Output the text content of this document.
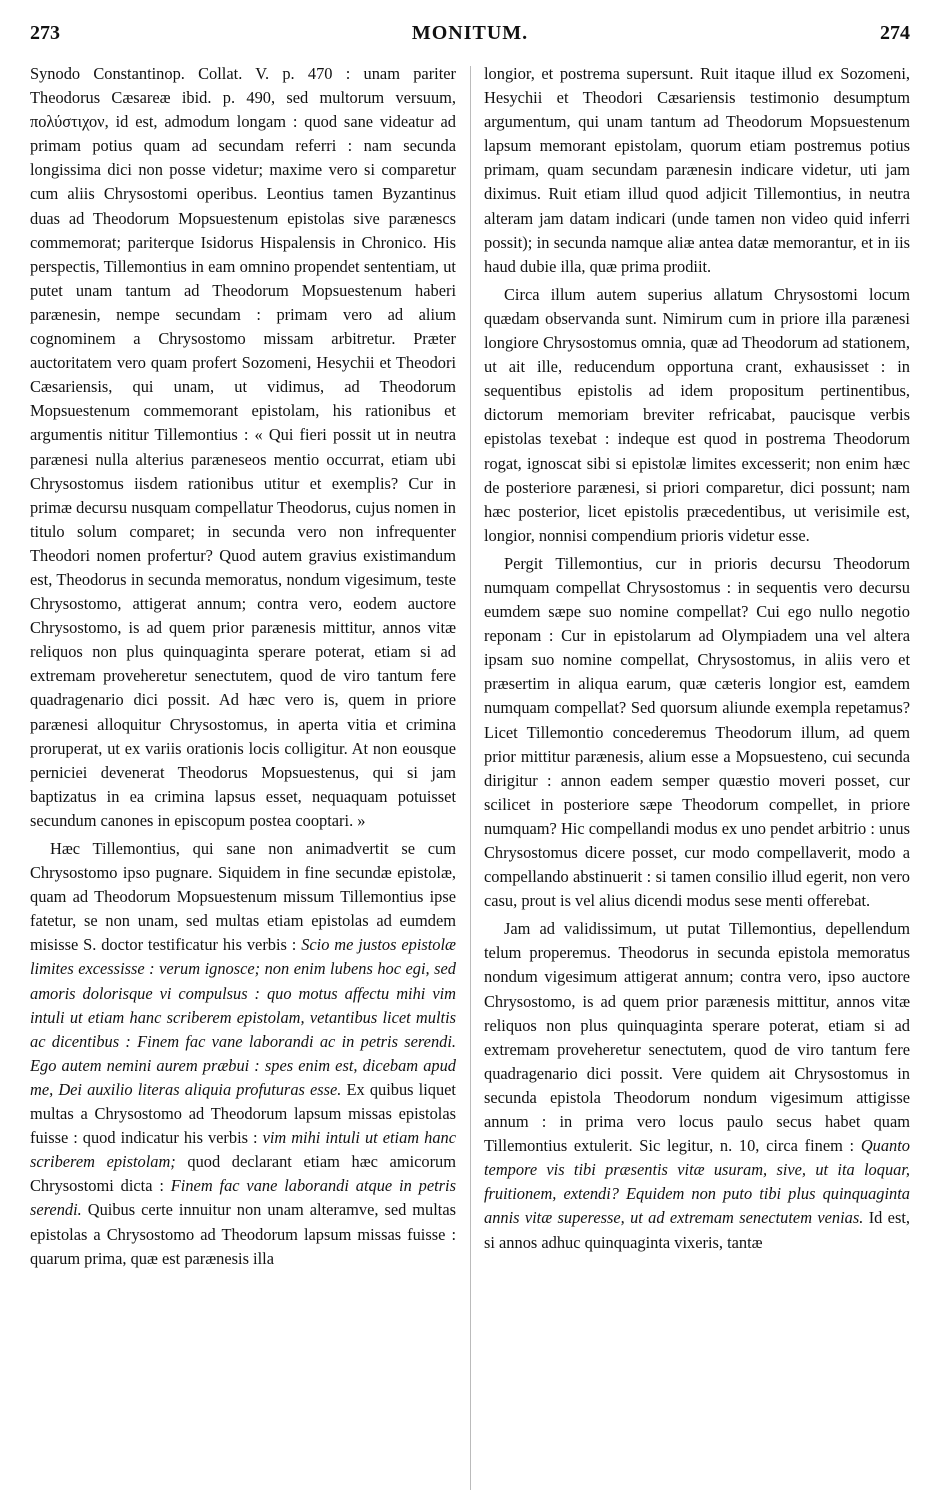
273	MONITUM.	274

Synodo Constantinop. Collat. V. p. 470 : unam pariter Theodorus Cæsareæ ibid. p. 490, sed multorum versuum, πολύστιχον, id est, admodum longam : quod sane videatur ad primam potius quam ad secundam referri : nam secunda longissima dici non posse videtur; maxime vero si comparetur cum aliis Chrysostomi operibus. Leontius tamen Byzantinus duas ad Theodorum Mopsuestenum epistolas sive parænescs commemorat; pariterque Isidorus Hispalensis in Chronico. His perspectis, Tillemontius in eam omnino propendet sententiam, ut putet unam tantum ad Theodorum Mopsuestenum haberi parænesin, nempe secundam : primam vero ad alium cognominem a Chrysostomo missam arbitretur. Præter auctoritatem vero quam profert Sozomeni, Hesychii et Theodori Cæsariensis, qui unam, ut vidimus, ad Theodorum Mopsuestenum commemorant epistolam, his rationibus et argumentis nititur Tillemontius : « Qui fieri possit ut in neutra parænesi nulla alterius paræneseos mentio occurrat, etiam ubi Chrysostomus iisdem rationibus utitur et exemplis? Cur in primæ decursu nusquam compellatur Theodorus, cujus nomen in titulo solum comparet; in secunda vero non infrequenter Theodori nomen profertur? Quod autem gravius existimandum est, Theodorus in secunda memoratus, nondum vigesimum, teste Chrysostomo, attigerat annum; contra vero, eodem auctore Chrysostomo, is ad quem prior parænesis mittitur, annos vitæ reliquos non plus quinquaginta sperare poterat, etiam si ad extremam proveheretur senectutem, quod de viro tantum fere quadragenario dici possit. Ad hæc vero is, quem in priore parænesi alloquitur Chrysostomus, in aperta vitia et crimina proruperat, ut ex variis orationis locis colligitur. At non eousque perniciei devenerat Theodorus Mopsuestenus, qui si jam baptizatus in ea crimina lapsus esset, nequaquam potuisset secundum canones in episcopum postea cooptari. »

Hæc Tillemontius, qui sane non animadvertit se cum Chrysostomo ipso pugnare. Siquidem in fine secundæ epistolæ, quam ad Theodorum Mopsuestenum missum Tillemontius ipse fatetur, se non unam, sed multas etiam epistolas ad eumdem misisse S. doctor testificatur his verbis : Scio me justos epistolæ limites excessisse : verum ignosce; non enim lubens hoc egi, sed amoris dolorisque vi compulsus : quo motus affectu mihi vim intuli ut etiam hanc scriberem epistolam, vetantibus licet multis ac dicentibus : Finem fac vane laborandi ac in petris serendi. Ego autem nemini aurem præbui : spes enim est, dicebam apud me, Dei auxilio literas aliquia profuturas esse. Ex quibus liquet multas a Chrysostomo ad Theodorum lapsum missas epistolas fuisse : quod indicatur his verbis : vim mihi intuli ut etiam hanc scriberem epistolam; quod declarant etiam hæc amicorum Chrysostomi dicta : Finem fac vane laborandi atque in petris serendi. Quibus certe innuitur non unam alteramve, sed multas epistolas a Chrysostomo ad Theodorum lapsum missas fuisse : quarum prima, quæ est parænesis illa

longior, et postrema supersunt. Ruit itaque illud ex Sozomeni, Hesychii et Theodori Cæsariensis testimonio desumptum argumentum, qui unam tantum ad Theodorum Mopsuestenum lapsum memorant epistolam, quorum etiam postremus potius primam, quam secundam parænesin indicare videtur, uti jam diximus. Ruit etiam illud quod adjicit Tillemontius, in neutra alteram jam datam indicari (unde tamen non video quid inferri possit); in secunda namque aliæ antea datæ memorantur, et in iis haud dubie illa, quæ prima prodiit.

Circa illum autem superius allatum Chrysostomi locum quædam observanda sunt. Nimirum cum in priore illa parænesi longiore Chrysostomus omnia, quæ ad Theodorum ad stationem, ut ait ille, reducendum opportuna crant, exhausisset : in sequentibus epistolis ad idem propositum pertinentibus, dictorum memoriam breviter refricabat, paucisque verbis epistolas texebat : indeque est quod in postrema Theodorum rogat, ignoscat sibi si epistolæ limites excesserit; non enim hæc de posteriore parænesi, si priori comparetur, dici possunt; nam hæc posterior, licet epistolis præcedentibus, ut verisimile est, longior, nonnisi compendium prioris videtur esse.

Pergit Tillemontius, cur in prioris decursu Theodorum numquam compellat Chrysostomus : in sequentis vero decursu eumdem sæpe suo nomine compellat? Cui ego nullo negotio reponam : Cur in epistolarum ad Olympiadem una vel altera ipsam suo nomine compellat, Chrysostomus, in aliis vero et præsertim in aliqua earum, quæ cæteris longior est, eamdem numquam compellat? Sed quorsum aliunde exempla repetamus? Licet Tillemontio concederemus Theodorum illum, ad quem prior mittitur parænesis, alium esse a Mopsuesteno, cui secunda dirigitur : annon eadem semper quæstio moveri posset, cur scilicet in posteriore sæpe Theodorum compellet, in priore numquam? Hic compellandi modus ex uno pendet arbitrio : unus Chrysostomus dicere posset, cur modo compellaverit, modo a compellando abstinuerit : si tamen consilio illud egerit, non vero casu, prout is vel alius dicendi modus sese menti offerebat.

Jam ad validissimum, ut putat Tillemontius, depellendum telum properemus. Theodorus in secunda epistola memoratus nondum vigesimum attigerat annum; contra vero, ipso auctore Chrysostomo, is ad quem prior parænesis mittitur, annos vitæ reliquos non plus quinquaginta sperare poterat, etiam si ad extremam proveheretur senectutem, quod de viro tantum fere quadragenario dici possit. Vere quidem ait Chrysostomus in secunda epistola Theodorum nondum vigesimum attigisse annum : in prima vero locus paulo secus habet quam Tillemontius extulerit. Sic legitur, n. 10, circa finem : Quanto tempore vis tibi præsentis vitæ usuram, sive, ut ita loquar, fruitionem, extendi? Equidem non puto tibi plus quinquaginta annis vitæ superesse, ut ad extremam senectutem venias. Id est, si annos adhuc quinquaginta vixeris, tantæ
